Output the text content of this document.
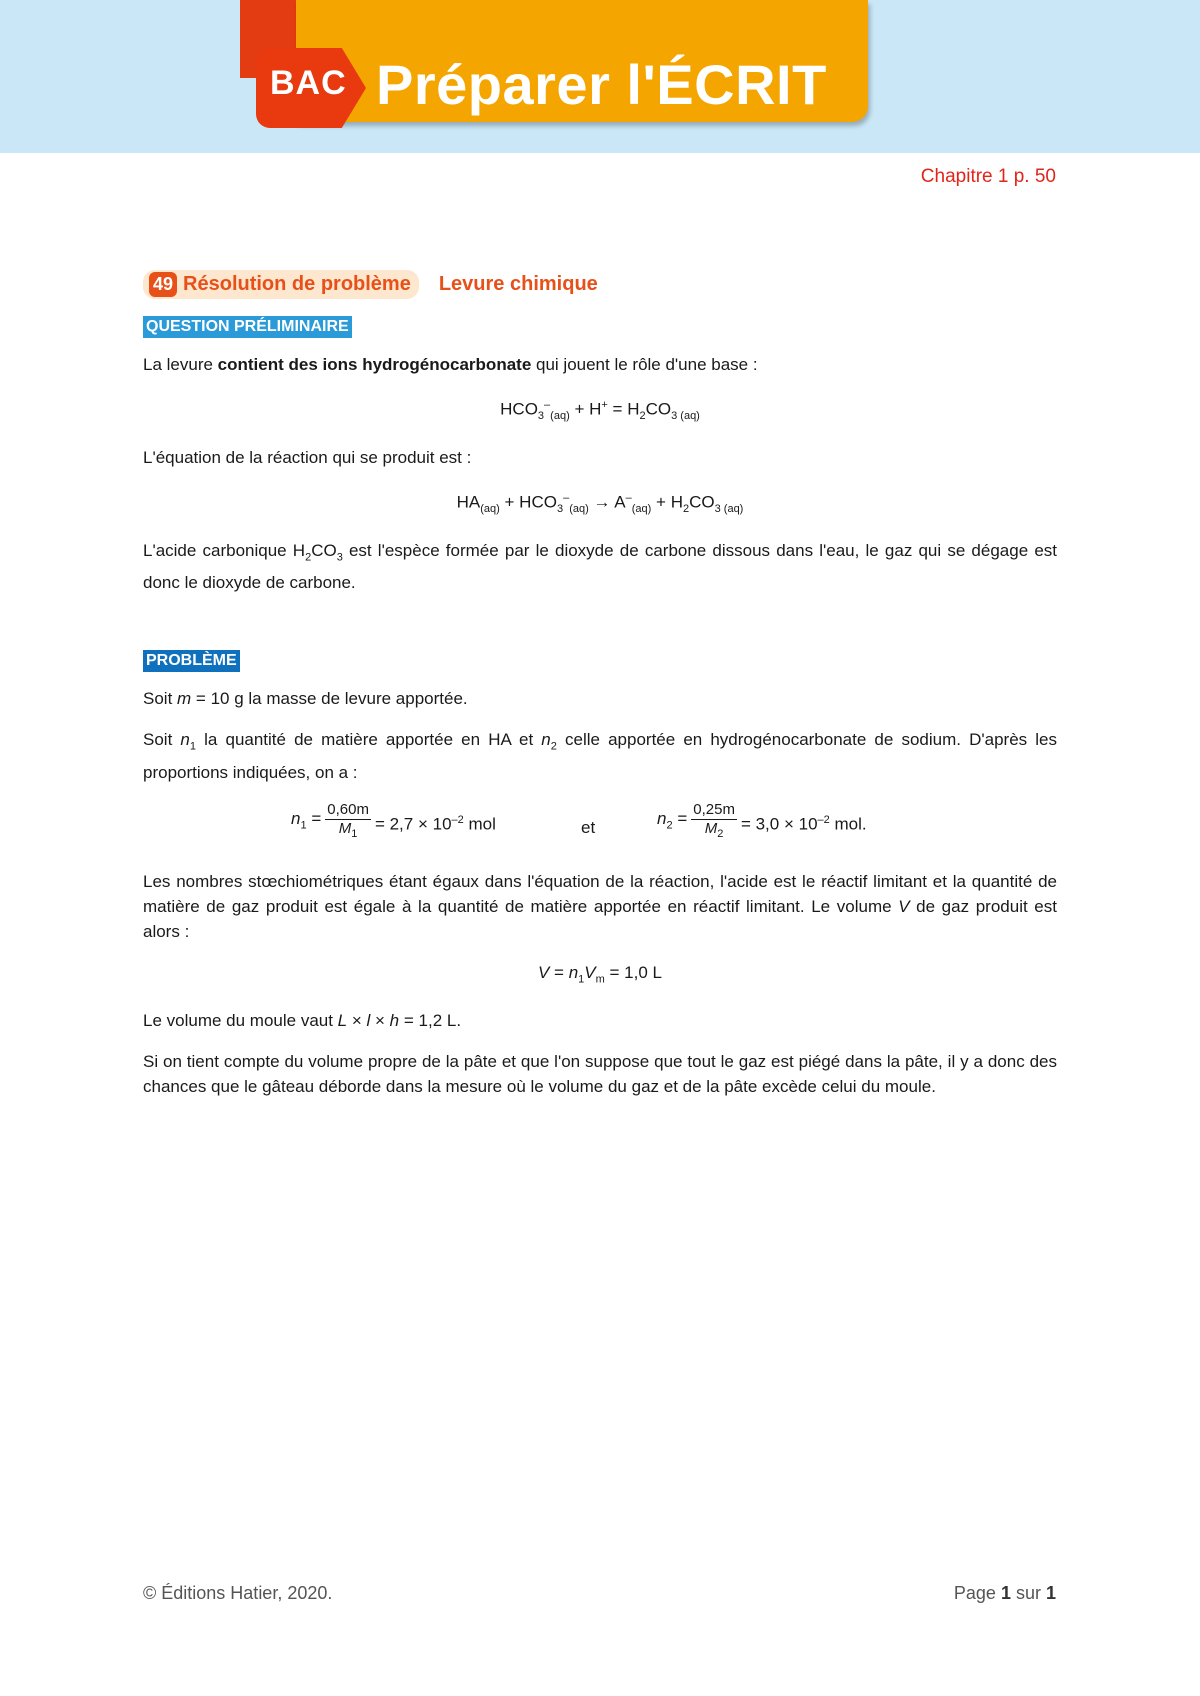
BAC Préparer l'ÉCRIT
Chapitre 1 p. 50
49 Résolution de problème Levure chimique
QUESTION PRÉLIMINAIRE

La levure contient des ions hydrogénocarbonate qui jouent le rôle d'une base :

$HCO_3^-_{(aq)} + H^+ = H_2CO_{3 (aq)}$

L'équation de la réaction qui se produit est :

$HA_{(aq)} + HCO_3^-_{(aq)} \to A^-_{(aq)} + H_2CO_{3 (aq)}$

L'acide carbonique $H_2CO_3$ est l'espèce formée par le dioxyde de carbone dissous dans l'eau, le gaz qui se dégage est donc le dioxyde de carbone.

PROBLÈME

Soit m = 10 g la masse de levure apportée.

Soit $n_1$ la quantité de matière apportée en HA et $n_2$ celle apportée en hydrogénocarbonate de sodium. D'après les proportions indiquées, on a :

$n_1 = \frac{0,60m}{M_1} = 2,7 \times 10^{-2}$ mol	et	$n_2 = \frac{0,25m}{M_2} = 3,0 \times 10^{-2}$ mol.

Les nombres stœchiométriques étant égaux dans l'équation de la réaction, l'acide est le réactif limitant et la quantité de matière de gaz produit est égale à la quantité de matière apportée en réactif limitant. Le volume V de gaz produit est alors :

$V = n_1V_m = 1,0$ L

Le volume du moule vaut L × l × h = 1,2 L.

Si on tient compte du volume propre de la pâte et que l'on suppose que tout le gaz est piégé dans la pâte, il y a donc des chances que le gâteau déborde dans la mesure où le volume du gaz et de la pâte excède celui du moule.

© Éditions Hatier, 2020.	Page 1 sur 1
